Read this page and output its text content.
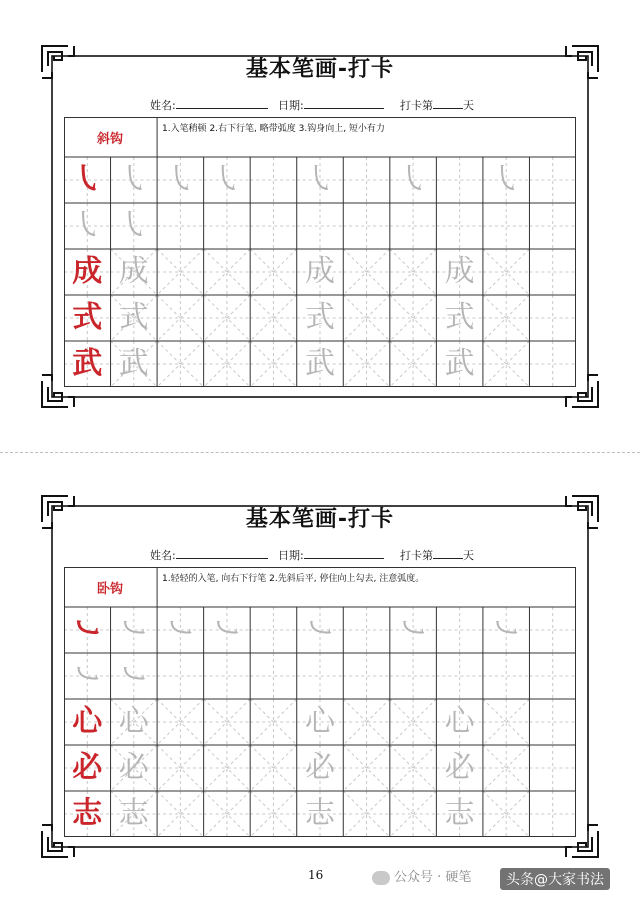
基本笔画-打卡
姓名:	日期:	打卡第	天
斜钩
1.入笔稍顿 2.右下行笔, 略带弧度 3.钩身向上, 短小有力
㇂ ㇂ ㇂ ㇂ ㇂ ㇂ ㇂
㇂ ㇂
成 成	成	成
式 式	式	式
武 武	武	武
基本笔画-打卡
姓名:	日期:	打卡第	天
卧钩
1.轻轻的入笔, 向右下行笔 2.先斜后平, 停住向上勾去, 注意弧度。
㇃ ㇃ ㇃ ㇃ ㇃ ㇃ ㇃
㇃ ㇃
心 心	心	心
必 必	必	必
志 志	志	志
16	公众号 · 硬笔	头条@大家书法
